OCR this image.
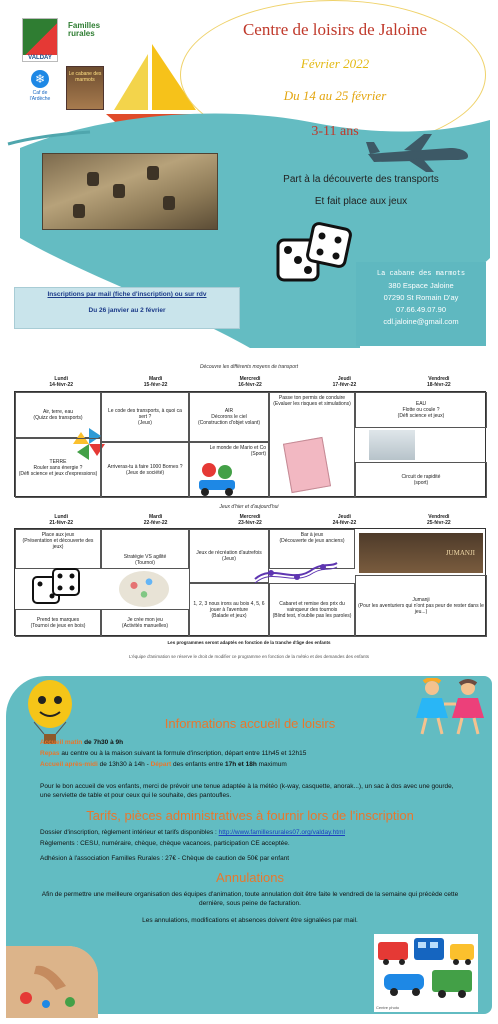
VALDAY
Familles rurales
❄
Caf de l'Ardèche
Le cabane des marmots
Centre de loisirs de Jaloine
Février 2022
Du 14 au 25 février
3-11 ans
Part à la découverte des transports
Et fait place aux jeux
Inscriptions par mail (fiche d'inscription) ou sur rdv
Du 26 janvier au 2 février
La cabane des marmots
380 Espace Jaloine
07290 St Romain D'ay
07.66.49.07.90
cdl.jaloine@gmail.com
Découvre les différents moyens de transport
Lundi
14-févr-22
Mardi
15-févr-22
Mercredi
16-févr-22
Jeudi
17-févr-22
Vendredi
18-févr-22
Air, terre, eau
(Quizz des transports)
TERRE
Rouler sans énergie ?
(Défi science et jeux d'expressions)
Le code des transports, à quoi ca sert ?
(Jeux)
Arriveras-tu à faire 1000 Bornes ?
(Jeux de société)
AIR
Décorons le ciel
(Construction d'objet volant)
Le monde de Mario et Co
(Sport)
Passe ton permis de conduire
(Evaluer les risques et simulations)	EAU
Flotte ou coule ?
(Défi science et jeux)
Circuit de rapidité
(sport)
Jeux d'hier et d'aujourd'hui
Lundi
21-févr-22
Mardi
22-févr-22
Mercredi
23-févr-22
Jeudi
24-févr-22
Vendredi
25-févr-22
Place aux jeux
(Présentation et découverte des jeux)
Prend tes marques
(Tournoi de jeux en bois)
Stratégie VS agilité
(Tournoi)
Je crée mon jeu
(Activités manuelles)
Jeux de récréation d'autrefois
(Jeux)
1, 2, 3 nous irons au bois 4, 5, 6 jouer à l'aventure
(Balade et jeux)
Bar à jeux
(Découverte de jeux anciens)
Cabaret et remise des prix du vainqueur des tournois
(Blind test, n'oublie pas les paroles)
JUMANJI
Jumanji
(Pour les aventuriers qui n'ont pas peur de rester dans le jeu...)
Les programmes seront adaptés en fonction de la tranche d'âge des enfants
L'équipe d'animation se réserve le droit de modifier ce programme en fonction de la météo et des demandes des enfants
Informations accueil de loisirs
Accueil matin de 7h30 à 9h
Repas au centre ou à la maison suivant la formule d'inscription, départ entre 11h45 et 12h15
Accueil après-midi de 13h30 à 14h - Départ des enfants entre 17h et 18h maximum
Pour le bon accueil de vos enfants, merci de prévoir une tenue adaptée à la météo (k-way, casquette, anorak...), un sac à dos avec une gourde, une serviette de table et pour ceux qui le souhaite, des pantoufles.
Tarifs, pièces administratives à fournir lors de l'inscription
Dossier d'inscription, règlement intérieur et tarifs disponibles : http://www.famillesrurales07.org/valday.html
Règlements : CESU, numéraire, chèque, chèque vacances, participation CE acceptée.
Adhésion à l'association Familles Rurales : 27€ - Chèque de caution de 50€ par enfant
Annulations
Afin de permettre une meilleure organisation des équipes d'animation, toute annulation doit être faite le vendredi de la semaine qui précède cette dernière, sous peine de facturation.
Les annulations, modifications et absences doivent être signalées par mail.
Centre photo
